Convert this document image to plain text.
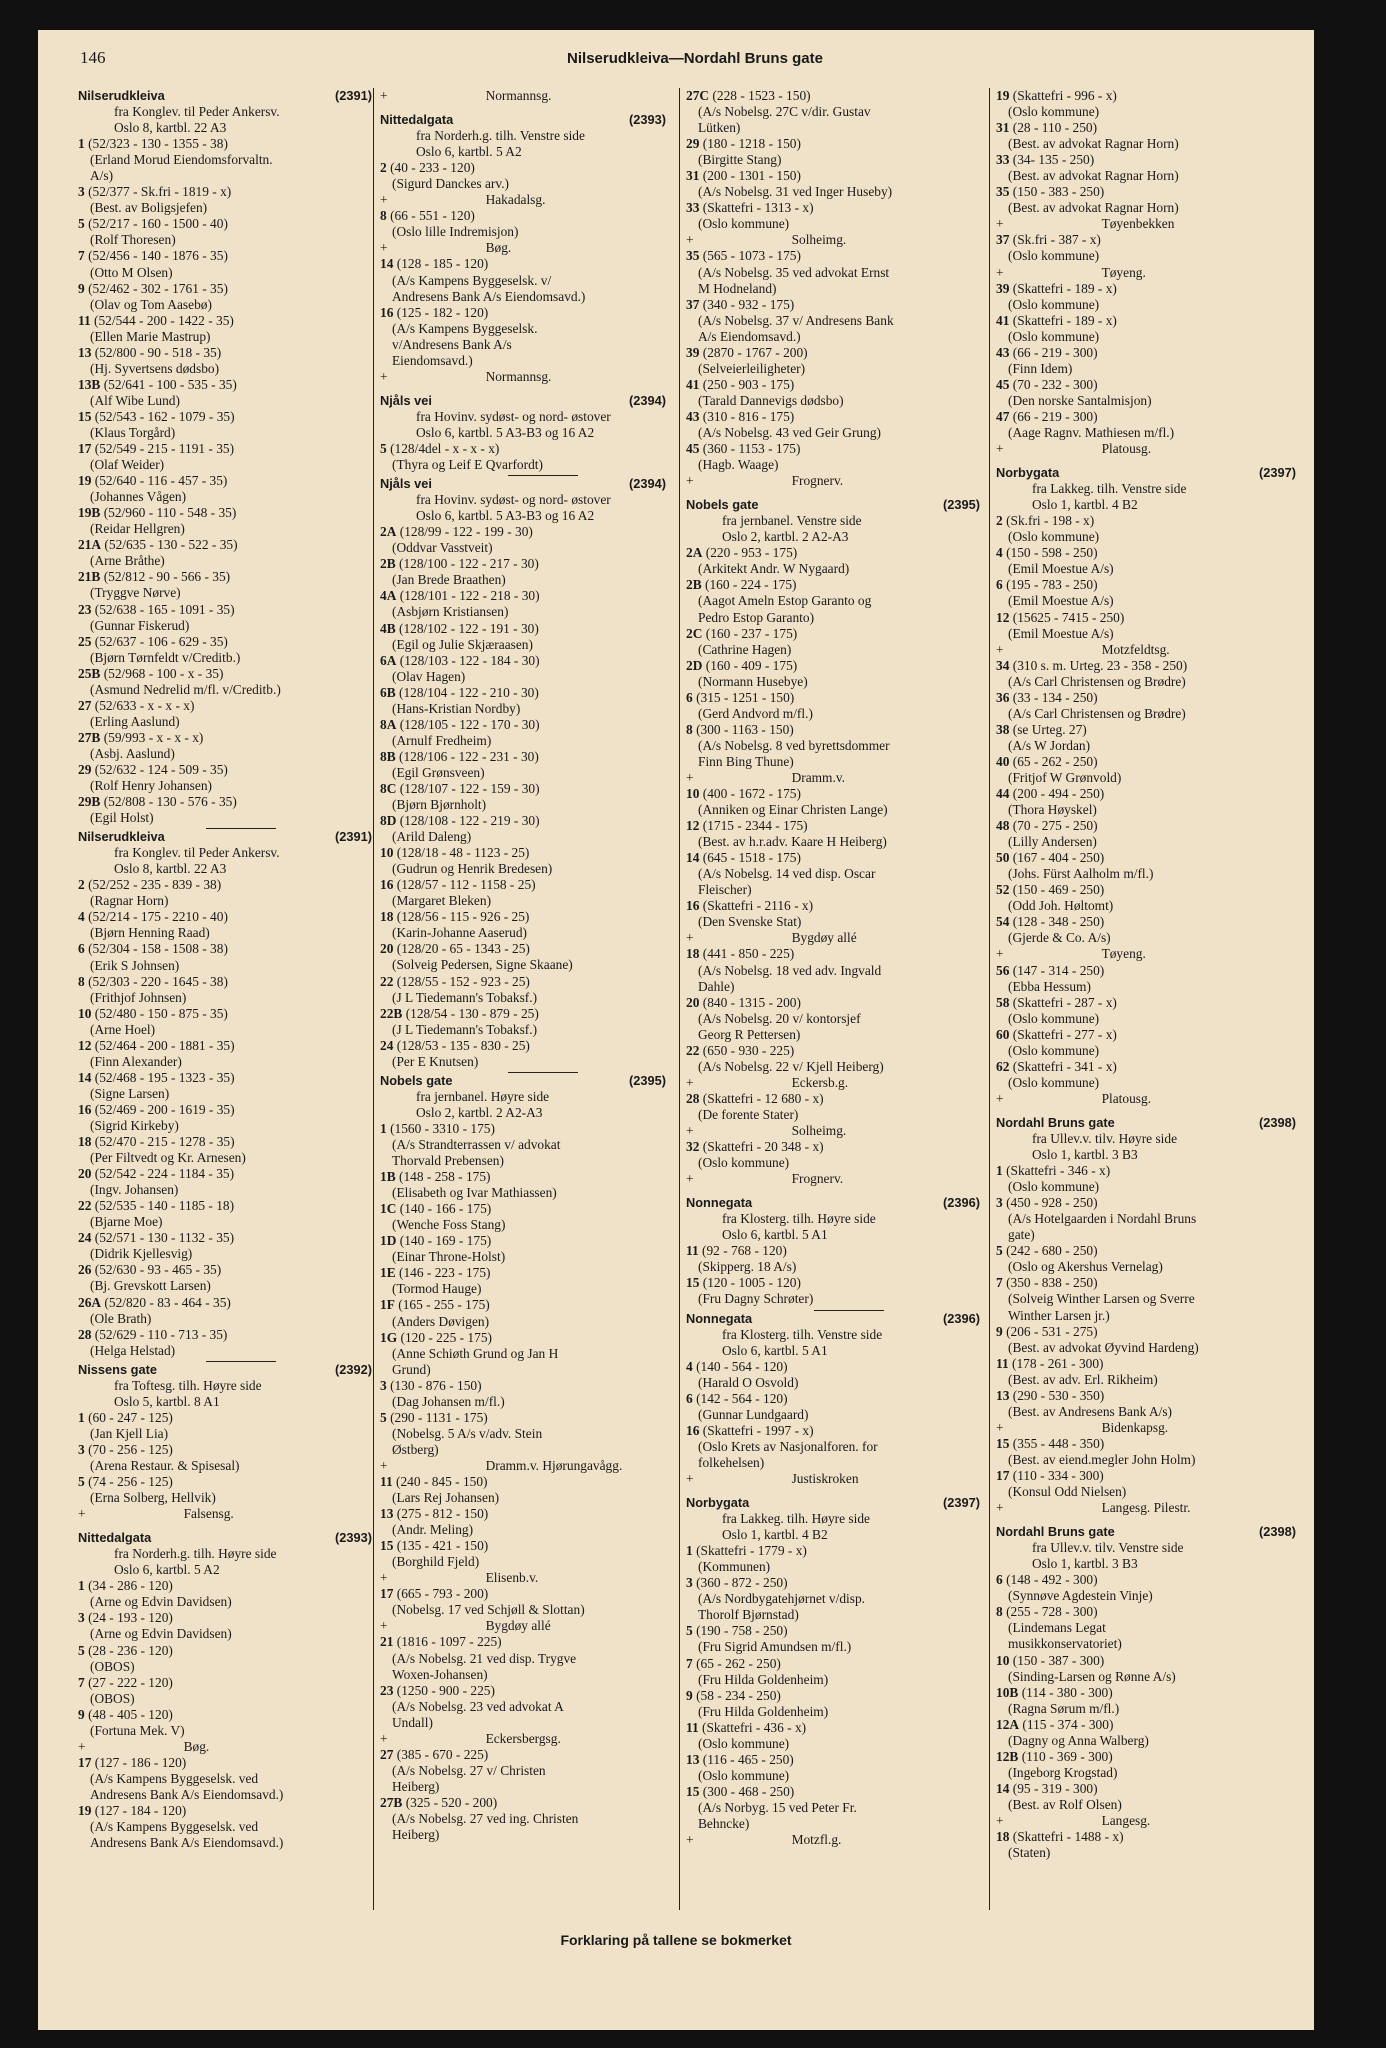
146	Nilserudkleiva—Nordahl Bruns gate
Nilserudkleiva	(2391)
fra Konglev. til Peder Ankersv.
Oslo 8, kartbl. 22 A3
1 (52/323 - 130 - 1355 - 38)
(Erland Morud Eiendomsforvaltn.
A/s)
3 (52/377 - Sk.fri - 1819 - x)
(Best. av Boligsjefen)
5 (52/217 - 160 - 1500 - 40)
(Rolf Thoresen)
7 (52/456 - 140 - 1876 - 35)
(Otto M Olsen)
9 (52/462 - 302 - 1761 - 35)
(Olav og Tom Aasebø)
11 (52/544 - 200 - 1422 - 35)
(Ellen Marie Mastrup)
13 (52/800 - 90 - 518 - 35)
(Hj. Syvertsens dødsbo)
13B (52/641 - 100 - 535 - 35)
(Alf Wibe Lund)
15 (52/543 - 162 - 1079 - 35)
(Klaus Torgård)
17 (52/549 - 215 - 1191 - 35)
(Olaf Weider)
19 (52/640 - 116 - 457 - 35)
(Johannes Vågen)
19B (52/960 - 110 - 548 - 35)
(Reidar Hellgren)
21A (52/635 - 130 - 522 - 35)
(Arne Bråthe)
21B (52/812 - 90 - 566 - 35)
(Tryggve Nørve)
23 (52/638 - 165 - 1091 - 35)
(Gunnar Fiskerud)
25 (52/637 - 106 - 629 - 35)
(Bjørn Tørnfeldt v/Creditb.)
25B (52/968 - 100 - x - 35)
(Asmund Nedrelid m/fl. v/Creditb.)
27 (52/633 - x - x - x)
(Erling Aaslund)
27B (59/993 - x - x - x)
(Asbj. Aaslund)
29 (52/632 - 124 - 509 - 35)
(Rolf Henry Johansen)
29B (52/808 - 130 - 576 - 35)
(Egil Holst)
Nilserudkleiva	(2391)
fra Konglev. til Peder Ankersv.
Oslo 8, kartbl. 22 A3
2 (52/252 - 235 - 839 - 38)
(Ragnar Horn)
4 (52/214 - 175 - 2210 - 40)
(Bjørn Henning Raad)
6 (52/304 - 158 - 1508 - 38)
(Erik S Johnsen)
8 (52/303 - 220 - 1645 - 38)
(Frithjof Johnsen)
10 (52/480 - 150 - 875 - 35)
(Arne Hoel)
12 (52/464 - 200 - 1881 - 35)
(Finn Alexander)
14 (52/468 - 195 - 1323 - 35)
(Signe Larsen)
16 (52/469 - 200 - 1619 - 35)
(Sigrid Kirkeby)
18 (52/470 - 215 - 1278 - 35)
(Per Filtvedt og Kr. Arnesen)
20 (52/542 - 224 - 1184 - 35)
(Ingv. Johansen)
22 (52/535 - 140 - 1185 - 18)
(Bjarne Moe)
24 (52/571 - 130 - 1132 - 35)
(Didrik Kjellesvig)
26 (52/630 - 93 - 465 - 35)
(Bj. Grevskott Larsen)
26A (52/820 - 83 - 464 - 35)
(Ole Brath)
28 (52/629 - 110 - 713 - 35)
(Helga Helstad)
Nissens gate	(2392)
fra Toftesg. tilh. Høyre side
Oslo 5, kartbl. 8 A1
1 (60 - 247 - 125)
(Jan Kjell Lia)
3 (70 - 256 - 125)
(Arena Restaur. & Spisesal)
5 (74 - 256 - 125)
(Erna Solberg, Hellvik)
+	Falsensg.
Nittedalgata	(2393)
fra Norderh.g. tilh. Høyre side
Oslo 6, kartbl. 5 A2
1 (34 - 286 - 120)
(Arne og Edvin Davidsen)
3 (24 - 193 - 120)
(Arne og Edvin Davidsen)
5 (28 - 236 - 120)
(OBOS)
7 (27 - 222 - 120)
(OBOS)
9 (48 - 405 - 120)
(Fortuna Mek. V)
+	Bøg.
17 (127 - 186 - 120)
(A/s Kampens Byggeselsk. ved
Andresens Bank A/s Eiendomsavd.)
19 (127 - 184 - 120)
(A/s Kampens Byggeselsk. ved
Andresens Bank A/s Eiendomsavd.)
+	Normannsg.
Nittedalgata	(2393)
fra Norderh.g. tilh. Venstre side
Oslo 6, kartbl. 5 A2
2 (40 - 233 - 120)
(Sigurd Danckes arv.)
+	Hakadalsg.
8 (66 - 551 - 120)
(Oslo lille Indremisjon)
+	Bøg.
14 (128 - 185 - 120)
(A/s Kampens Byggeselsk. v/
Andresens Bank A/s Eiendomsavd.)
16 (125 - 182 - 120)
(A/s Kampens Byggeselsk.
v/Andresens Bank A/s
Eiendomsavd.)
+	Normannsg.
Njåls vei	(2394)
fra Hovinv. sydøst- og nord- østover
Oslo 6, kartbl. 5 A3-B3 og 16 A2
5 (128/4del - x - x - x)
(Thyra og Leif E Qvarfordt)
Njåls vei	(2394)
fra Hovinv. sydøst- og nord- østover
Oslo 6, kartbl. 5 A3-B3 og 16 A2
2A (128/99 - 122 - 199 - 30)
(Oddvar Vasstveit)
2B (128/100 - 122 - 217 - 30)
(Jan Bredе Braathen)
4A (128/101 - 122 - 218 - 30)
(Asbjørn Kristiansen)
4B (128/102 - 122 - 191 - 30)
(Egil og Julie Skjæraasen)
6A (128/103 - 122 - 184 - 30)
(Olav Hagen)
6B (128/104 - 122 - 210 - 30)
(Hans-Kristian Nordby)
8A (128/105 - 122 - 170 - 30)
(Arnulf Fredheim)
8B (128/106 - 122 - 231 - 30)
(Egil Grønsveen)
8C (128/107 - 122 - 159 - 30)
(Bjørn Bjørnholt)
8D (128/108 - 122 - 219 - 30)
(Arild Daleng)
10 (128/18 - 48 - 1123 - 25)
(Gudrun og Henrik Bredesen)
16 (128/57 - 112 - 1158 - 25)
(Margaret Bleken)
18 (128/56 - 115 - 926 - 25)
(Karin-Johanne Aaserud)
20 (128/20 - 65 - 1343 - 25)
(Solveig Pedersen, Signe Skaane)
22 (128/55 - 152 - 923 - 25)
(J L Tiedemann's Tobaksf.)
22B (128/54 - 130 - 879 - 25)
(J L Tiedemann's Tobaksf.)
24 (128/53 - 135 - 830 - 25)
(Per E Knutsen)
Nobels gate	(2395)
fra jernbanel. Høyre side
Oslo 2, kartbl. 2 A2-A3
1 (1560 - 3310 - 175)
(A/s Strandterrassen v/ advokat
Thorvald Prebensen)
1B (148 - 258 - 175)
(Elisabeth og Ivar Mathiassen)
1C (140 - 166 - 175)
(Wenche Foss Stang)
1D (140 - 169 - 175)
(Einar Throne-Holst)
1E (146 - 223 - 175)
(Tormod Hauge)
1F (165 - 255 - 175)
(Anders Døvigen)
1G (120 - 225 - 175)
(Anne Schiøth Grund og Jan H
Grund)
3 (130 - 876 - 150)
(Dag Johansen m/fl.)
5 (290 - 1131 - 175)
(Nobelsg. 5 A/s v/adv. Stein
Østberg)
+	Dramm.v. Hjørungavågg.
11 (240 - 845 - 150)
(Lars Rej Johansen)
13 (275 - 812 - 150)
(Andr. Meling)
15 (135 - 421 - 150)
(Borghild Fjeld)
+	Elisenb.v.
17 (665 - 793 - 200)
(Nobelsg. 17 ved Schjøll & Slottan)
+	Bygdøy allé
21 (1816 - 1097 - 225)
(A/s Nobelsg. 21 ved disp. Trygve
Woxen-Johansen)
23 (1250 - 900 - 225)
(A/s Nobelsg. 23 ved advokat A
Undall)
+	Eckersbergsg.
27 (385 - 670 - 225)
(A/s Nobelsg. 27 v/ Christen
Heiberg)
27B (325 - 520 - 200)
(A/s Nobelsg. 27 ved ing. Christen
Heiberg)
27C (228 - 1523 - 150)
(A/s Nobelsg. 27C v/dir. Gustav
Lütken)
29 (180 - 1218 - 150)
(Birgitte Stang)
31 (200 - 1301 - 150)
(A/s Nobelsg. 31 ved Inger Huseby)
33 (Skattefri - 1313 - x)
(Oslo kommune)
+	Solheimg.
35 (565 - 1073 - 175)
(A/s Nobelsg. 35 ved advokat Ernst
M Hodneland)
37 (340 - 932 - 175)
(A/s Nobelsg. 37 v/ Andresens Bank
A/s Eiendomsavd.)
39 (2870 - 1767 - 200)
(Selveierleiligheter)
41 (250 - 903 - 175)
(Tarald Dannevigs dødsbo)
43 (310 - 816 - 175)
(A/s Nobelsg. 43 ved Geir Grung)
45 (360 - 1153 - 175)
(Hagb. Waage)
+	Frognerv.
Nobels gate	(2395)
fra jernbanel. Venstre side
Oslo 2, kartbl. 2 A2-A3
2A (220 - 953 - 175)
(Arkitekt Andr. W Nygaard)
2B (160 - 224 - 175)
(Aagot Ameln Estop Garanto og
Pedro Estop Garanto)
2C (160 - 237 - 175)
(Cathrine Hagen)
2D (160 - 409 - 175)
(Normann Husebye)
6 (315 - 1251 - 150)
(Gerd Andvord m/fl.)
8 (300 - 1163 - 150)
(A/s Nobelsg. 8 ved byrettsdommer
Finn Bing Thune)
+	Dramm.v.
10 (400 - 1672 - 175)
(Anniken og Einar Christen Lange)
12 (1715 - 2344 - 175)
(Best. av h.r.adv. Kaare H Heiberg)
14 (645 - 1518 - 175)
(A/s Nobelsg. 14 ved disp. Oscar
Fleischer)
16 (Skattefri - 2116 - x)
(Den Svenske Stat)
+	Bygdøy allé
18 (441 - 850 - 225)
(A/s Nobelsg. 18 ved adv. Ingvald
Dahle)
20 (840 - 1315 - 200)
(A/s Nobelsg. 20 v/ kontorsjef
Georg R Pettersen)
22 (650 - 930 - 225)
(A/s Nobelsg. 22 v/ Kjell Heiberg)
+	Eckersb.g.
28 (Skattefri - 12 680 - x)
(De forente Stater)
+	Solheimg.
32 (Skattefri - 20 348 - x)
(Oslo kommune)
+	Frognerv.
Nonnegata	(2396)
fra Klosterg. tilh. Høyre side
Oslo 6, kartbl. 5 A1
11 (92 - 768 - 120)
(Skipperg. 18 A/s)
15 (120 - 1005 - 120)
(Fru Dagny Schrøter)
Nonnegata	(2396)
fra Klosterg. tilh. Venstre side
Oslo 6, kartbl. 5 A1
4 (140 - 564 - 120)
(Harald O Osvold)
6 (142 - 564 - 120)
(Gunnar Lundgaard)
16 (Skattefri - 1997 - x)
(Oslo Krets av Nasjonalforen. for
folkehelsen)
+	Justiskroken
Norbygata	(2397)
fra Lakkeg. tilh. Høyre side
Oslo 1, kartbl. 4 B2
1 (Skattefri - 1779 - x)
(Kommunen)
3 (360 - 872 - 250)
(A/s Nordbygatehjørnet v/disp.
Thorolf Bjørnstad)
5 (190 - 758 - 250)
(Fru Sigrid Amundsen m/fl.)
7 (65 - 262 - 250)
(Fru Hilda Goldenheim)
9 (58 - 234 - 250)
(Fru Hilda Goldenheim)
11 (Skattefri - 436 - x)
(Oslo kommune)
13 (116 - 465 - 250)
(Oslo kommune)
15 (300 - 468 - 250)
(A/s Norbyg. 15 ved Peter Fr.
Behncke)
+	Motzfl.g.
19 (Skattefri - 996 - x)
(Oslo kommune)
31 (28 - 110 - 250)
(Best. av advokat Ragnar Horn)
33 (34- 135 - 250)
(Best. av advokat Ragnar Horn)
35 (150 - 383 - 250)
(Best. av advokat Ragnar Horn)
+	Tøyenbekken
37 (Sk.fri - 387 - x)
(Oslo kommune)
+	Tøyeng.
39 (Skattefri - 189 - x)
(Oslo kommune)
41 (Skattefri - 189 - x)
(Oslo kommune)
43 (66 - 219 - 300)
(Finn Idem)
45 (70 - 232 - 300)
(Den norske Santalmisjon)
47 (66 - 219 - 300)
(Aage Ragnv. Mathiesen m/fl.)
+	Platousg.
Norbygata	(2397)
fra Lakkeg. tilh. Venstre side
Oslo 1, kartbl. 4 B2
2 (Sk.fri - 198 - x)
(Oslo kommune)
4 (150 - 598 - 250)
(Emil Moestue A/s)
6 (195 - 783 - 250)
(Emil Moestue A/s)
12 (15625 - 7415 - 250)
(Emil Moestue A/s)
+	Motzfeldtsg.
34 (310 s. m. Urteg. 23 - 358 - 250)
(A/s Carl Christensen og Brødre)
36 (33 - 134 - 250)
(A/s Carl Christensen og Brødre)
38 (se Urteg. 27)
(A/s W Jordan)
40 (65 - 262 - 250)
(Fritjof W Grønvold)
44 (200 - 494 - 250)
(Thora Høyskel)
48 (70 - 275 - 250)
(Lilly Andersen)
50 (167 - 404 - 250)
(Johs. Fürst Aalholm m/fl.)
52 (150 - 469 - 250)
(Odd Joh. Høltomt)
54 (128 - 348 - 250)
(Gjerde & Co. A/s)
+	Tøyeng.
56 (147 - 314 - 250)
(Ebba Hessum)
58 (Skattefri - 287 - x)
(Oslo kommune)
60 (Skattefri - 277 - x)
(Oslo kommune)
62 (Skattefri - 341 - x)
(Oslo kommune)
+	Platousg.
Nordahl Bruns gate	(2398)
fra Ullev.v. tilv. Høyre side
Oslo 1, kartbl. 3 B3
1 (Skattefri - 346 - x)
(Oslo kommune)
3 (450 - 928 - 250)
(A/s Hotelgaarden i Nordahl Bruns
gate)
5 (242 - 680 - 250)
(Oslo og Akershus Vernelag)
7 (350 - 838 - 250)
(Solveig Winther Larsen og Sverre
Winther Larsen jr.)
9 (206 - 531 - 275)
(Best. av advokat Øyvind Hardeng)
11 (178 - 261 - 300)
(Best. av adv. Erl. Rikheim)
13 (290 - 530 - 350)
(Best. av Andresens Bank A/s)
+	Bidenkapsg.
15 (355 - 448 - 350)
(Best. av eiend.megler John Holm)
17 (110 - 334 - 300)
(Konsul Odd Nielsen)
+	Langesg. Pilestr.
Nordahl Bruns gate	(2398)
fra Ullev.v. tilv. Venstre side
Oslo 1, kartbl. 3 B3
6 (148 - 492 - 300)
(Synnøve Agdestein Vinje)
8 (255 - 728 - 300)
(Lindemans Legat
musikkonservatoriet)
10 (150 - 387 - 300)
(Sinding-Larsen og Rønne A/s)
10B (114 - 380 - 300)
(Ragna Sørum m/fl.)
12A (115 - 374 - 300)
(Dagny og Anna Walberg)
12B (110 - 369 - 300)
(Ingeborg Krogstad)
14 (95 - 319 - 300)
(Best. av Rolf Olsen)
+	Langesg.
18 (Skattefri - 1488 - x)
(Staten)
Forklaring på tallene se bokmerket
